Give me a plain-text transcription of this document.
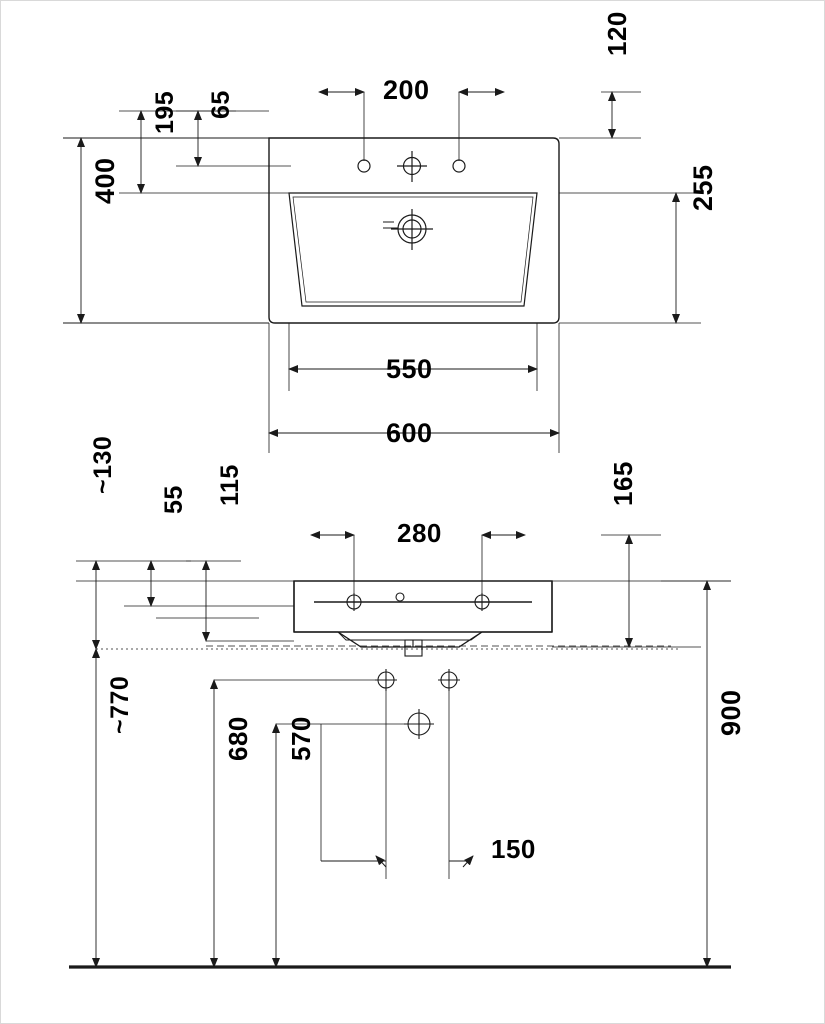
65
195
400
200
120
255
550
600
~130
55 115
280
165
~770
680 570
150
900
